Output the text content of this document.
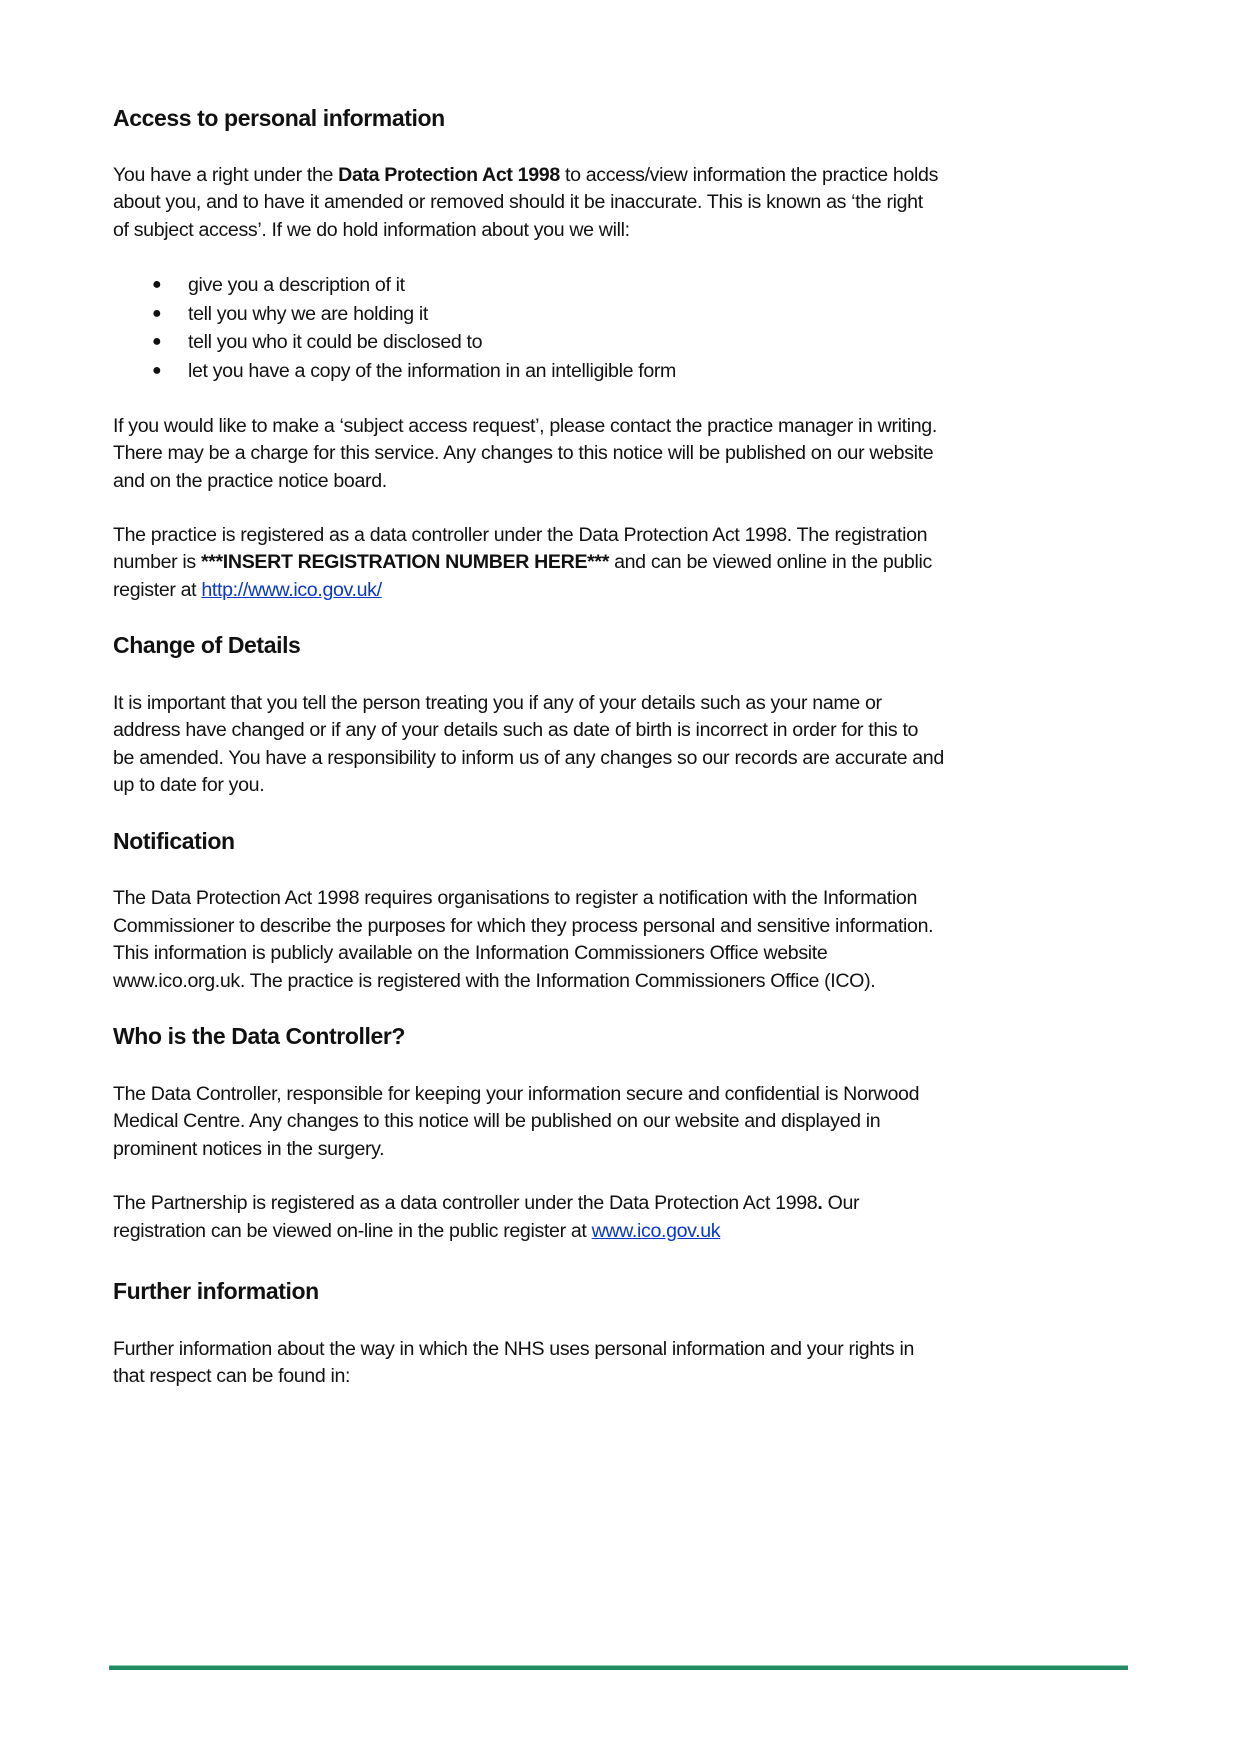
Access to personal information
You have a right under the Data Protection Act 1998 to access/view information the practice holds
about you, and to have it amended or removed should it be inaccurate. This is known as ‘the right
of subject access’. If we do hold information about you we will:
● give you a description of it
● tell you why we are holding it
● tell you who it could be disclosed to
● let you have a copy of the information in an intelligible form
If you would like to make a ‘subject access request’, please contact the practice manager in writing.
There may be a charge for this service. Any changes to this notice will be published on our website
and on the practice notice board.
The practice is registered as a data controller under the Data Protection Act 1998. The registration
number is ***INSERT REGISTRATION NUMBER HERE*** and can be viewed online in the public
register at http://www.ico.gov.uk/
Change of Details
It is important that you tell the person treating you if any of your details such as your name or
address have changed or if any of your details such as date of birth is incorrect in order for this to
be amended. You have a responsibility to inform us of any changes so our records are accurate and
up to date for you.
Notification
The Data Protection Act 1998 requires organisations to register a notification with the Information
Commissioner to describe the purposes for which they process personal and sensitive information.
This information is publicly available on the Information Commissioners Office website
www.ico.org.uk. The practice is registered with the Information Commissioners Office (ICO).
Who is the Data Controller?
The Data Controller, responsible for keeping your information secure and confidential is Norwood
Medical Centre. Any changes to this notice will be published on our website and displayed in
prominent notices in the surgery.
The Partnership is registered as a data controller under the Data Protection Act 1998. Our
registration can be viewed on-line in the public register at www.ico.gov.uk
Further information
Further information about the way in which the NHS uses personal information and your rights in
that respect can be found in:
